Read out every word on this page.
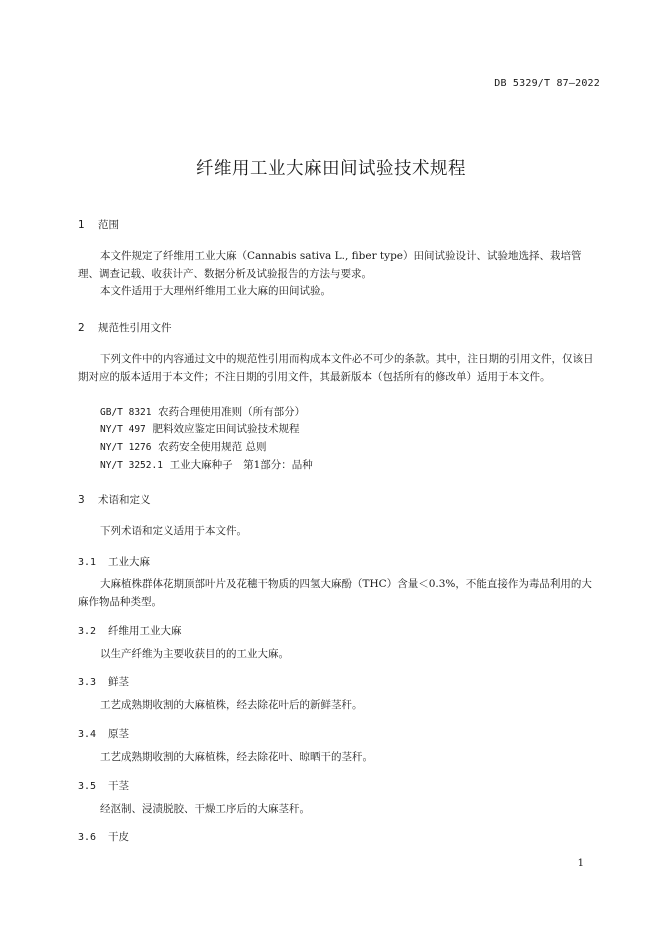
DB 5329/T 87—2022
纤维用工业大麻田间试验技术规程
1 范围
本文件规定了纤维用工业大麻（Cannabis sativa L., fiber type）田间试验设计、试验地选择、栽培管理、调查记载、收获计产、数据分析及试验报告的方法与要求。
本文件适用于大理州纤维用工业大麻的田间试验。
2 规范性引用文件
下列文件中的内容通过文中的规范性引用而构成本文件必不可少的条款。其中，注日期的引用文件，仅该日期对应的版本适用于本文件；不注日期的引用文件，其最新版本（包括所有的修改单）适用于本文件。
GB/T 8321 农药合理使用准则（所有部分）
NY/T 497 肥料效应鉴定田间试验技术规程
NY/T 1276 农药安全使用规范 总则
NY/T 3252.1 工业大麻种子　第1部分：品种
3 术语和定义
下列术语和定义适用于本文件。
3.1 工业大麻
大麻植株群体花期顶部叶片及花穗干物质的四氢大麻酚（THC）含量＜0.3%，不能直接作为毒品利用的大麻作物品种类型。
3.2 纤维用工业大麻
以生产纤维为主要收获目的的工业大麻。
3.3 鲜茎
工艺成熟期收割的大麻植株，经去除花叶后的新鲜茎秆。
3.4 原茎
工艺成熟期收割的大麻植株，经去除花叶、晾晒干的茎秆。
3.5 干茎
经沤制、浸渍脱胶、干燥工序后的大麻茎秆。
3.6 干皮
1
